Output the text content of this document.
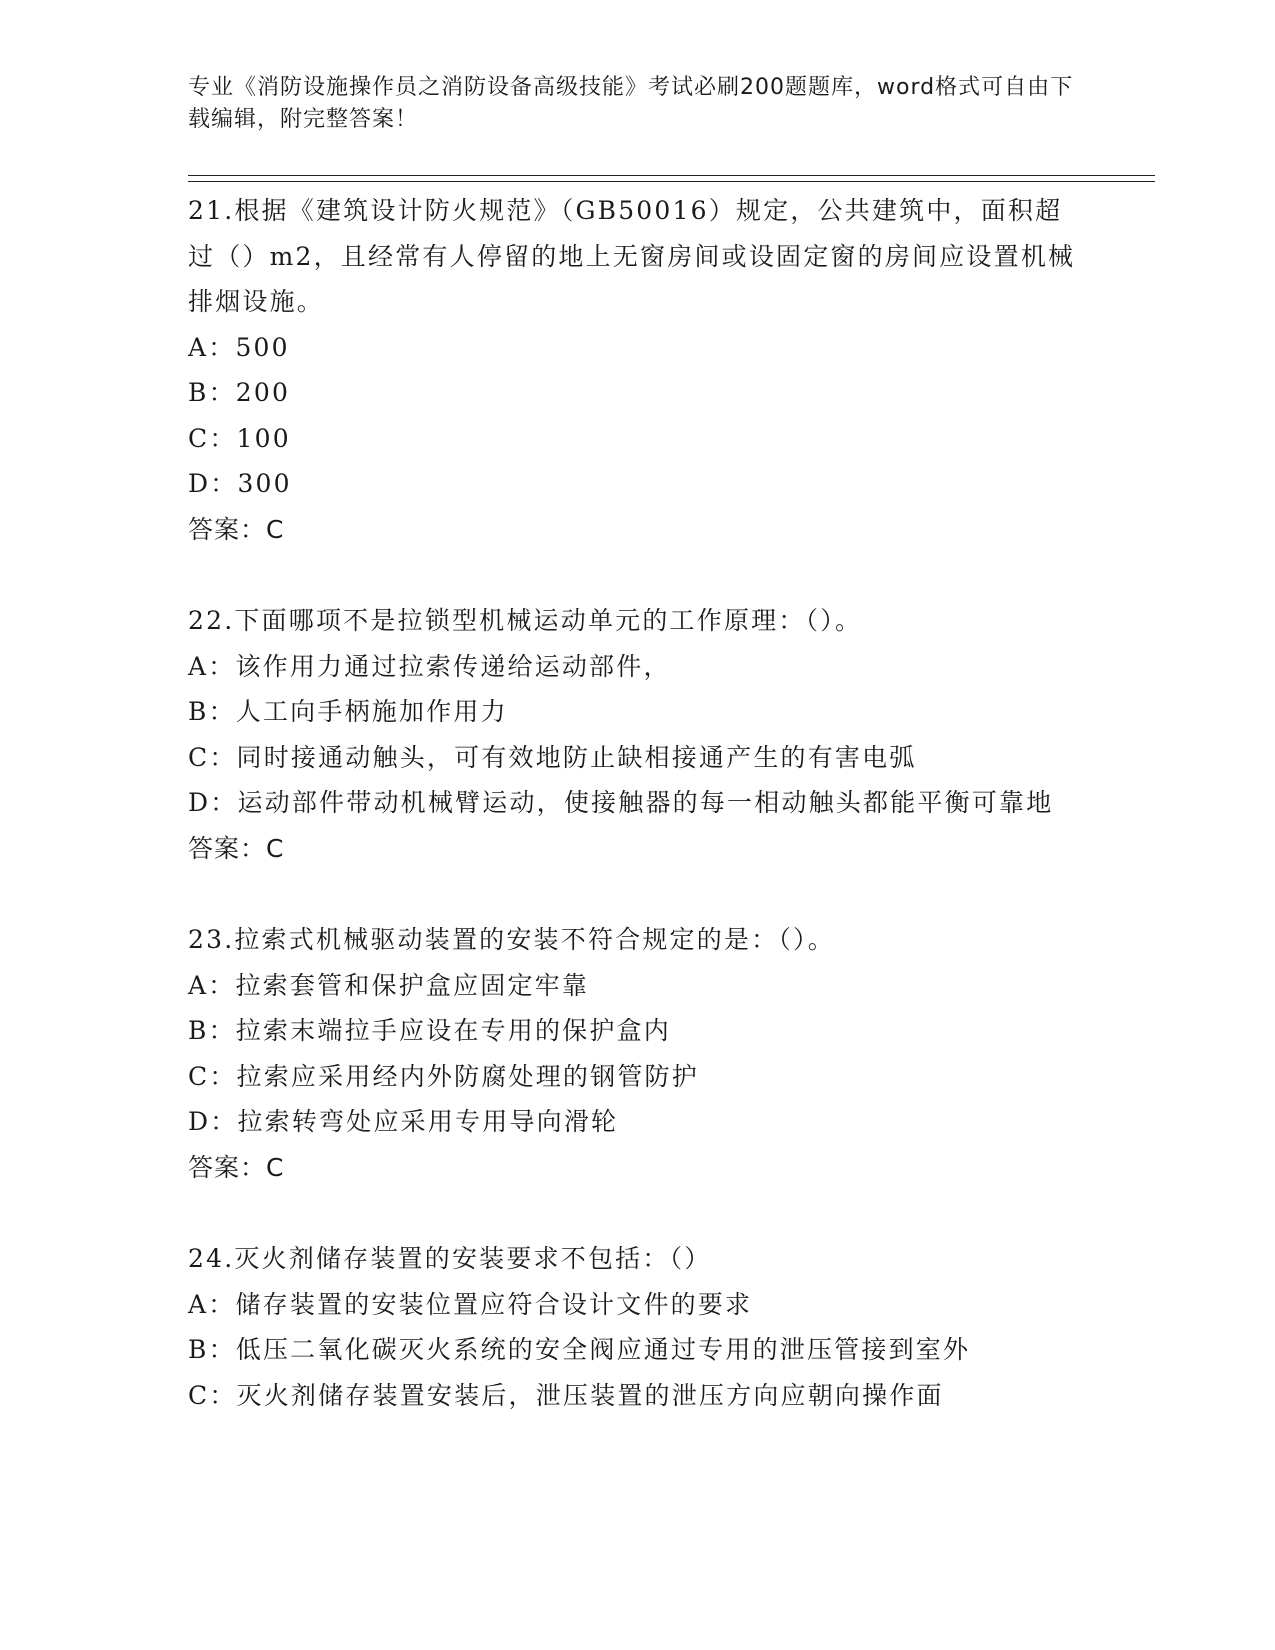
专业《消防设施操作员之消防设备高级技能》考试必刷200题题库，word格式可自由下载编辑，附完整答案！
21.根据《建筑设计防火规范》（GB50016）规定，公共建筑中，面积超过（）m2，且经常有人停留的地上无窗房间或设固定窗的房间应设置机械排烟设施。
A：500
B：200
C：100
D：300
答案：C
22.下面哪项不是拉锁型机械运动单元的工作原理：（）。
A：该作用力通过拉索传递给运动部件，
B：人工向手柄施加作用力
C：同时接通动触头，可有效地防止缺相接通产生的有害电弧
D：运动部件带动机械臂运动，使接触器的每一相动触头都能平衡可靠地
答案：C
23.拉索式机械驱动装置的安装不符合规定的是：（）。
A：拉索套管和保护盒应固定牢靠
B：拉索末端拉手应设在专用的保护盒内
C：拉索应采用经内外防腐处理的钢管防护
D：拉索转弯处应采用专用导向滑轮
答案：C
24.灭火剂储存装置的安装要求不包括：（）
A：储存装置的安装位置应符合设计文件的要求
B：低压二氧化碳灭火系统的安全阀应通过专用的泄压管接到室外
C：灭火剂储存装置安装后，泄压装置的泄压方向应朝向操作面
